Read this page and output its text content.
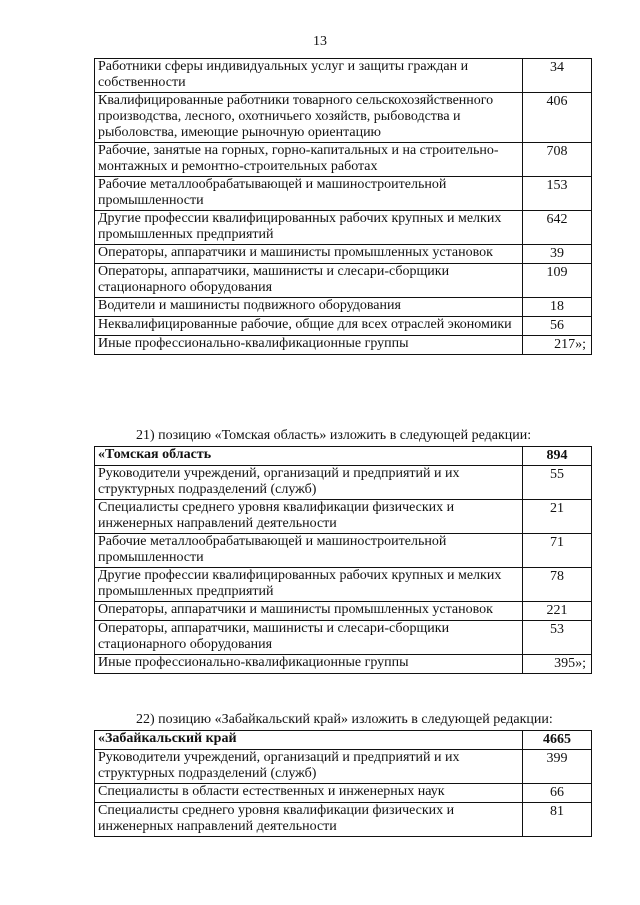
13
Работники сферы индивидуальных услуг и защиты граждан и собственности	34
Квалифицированные работники товарного сельскохозяйственного производства, лесного, охотничьего хозяйств, рыбоводства и рыболовства, имеющие рыночную ориентацию	406
Рабочие, занятые на горных, горно-капитальных и на строительно-монтажных и ремонтно-строительных работах	708
Рабочие металлообрабатывающей и машиностроительной промышленности	153
Другие профессии квалифицированных рабочих крупных и мелких промышленных предприятий	642
Операторы, аппаратчики и машинисты промышленных установок	39
Операторы, аппаратчики, машинисты и слесари-сборщики стационарного оборудования	109
Водители и машинисты подвижного оборудования	18
Неквалифицированные рабочие, общие для всех отраслей экономики	56
Иные профессионально-квалификационные группы	217»;
21) позицию «Томская область» изложить в следующей редакции:
«Томская область	894
Руководители учреждений, организаций и предприятий и их структурных подразделений (служб)	55
Специалисты среднего уровня квалификации физических и инженерных направлений деятельности	21
Рабочие металлообрабатывающей и машиностроительной промышленности	71
Другие профессии квалифицированных рабочих крупных и мелких промышленных предприятий	78
Операторы, аппаратчики и машинисты промышленных установок	221
Операторы, аппаратчики, машинисты и слесари-сборщики стационарного оборудования	53
Иные профессионально-квалификационные группы	395»;
22) позицию «Забайкальский край» изложить в следующей редакции:
«Забайкальский край	4665
Руководители учреждений, организаций и предприятий и их структурных подразделений (служб)	399
Специалисты в области естественных и инженерных наук	66
Специалисты среднего уровня квалификации физических и инженерных направлений деятельности	81
